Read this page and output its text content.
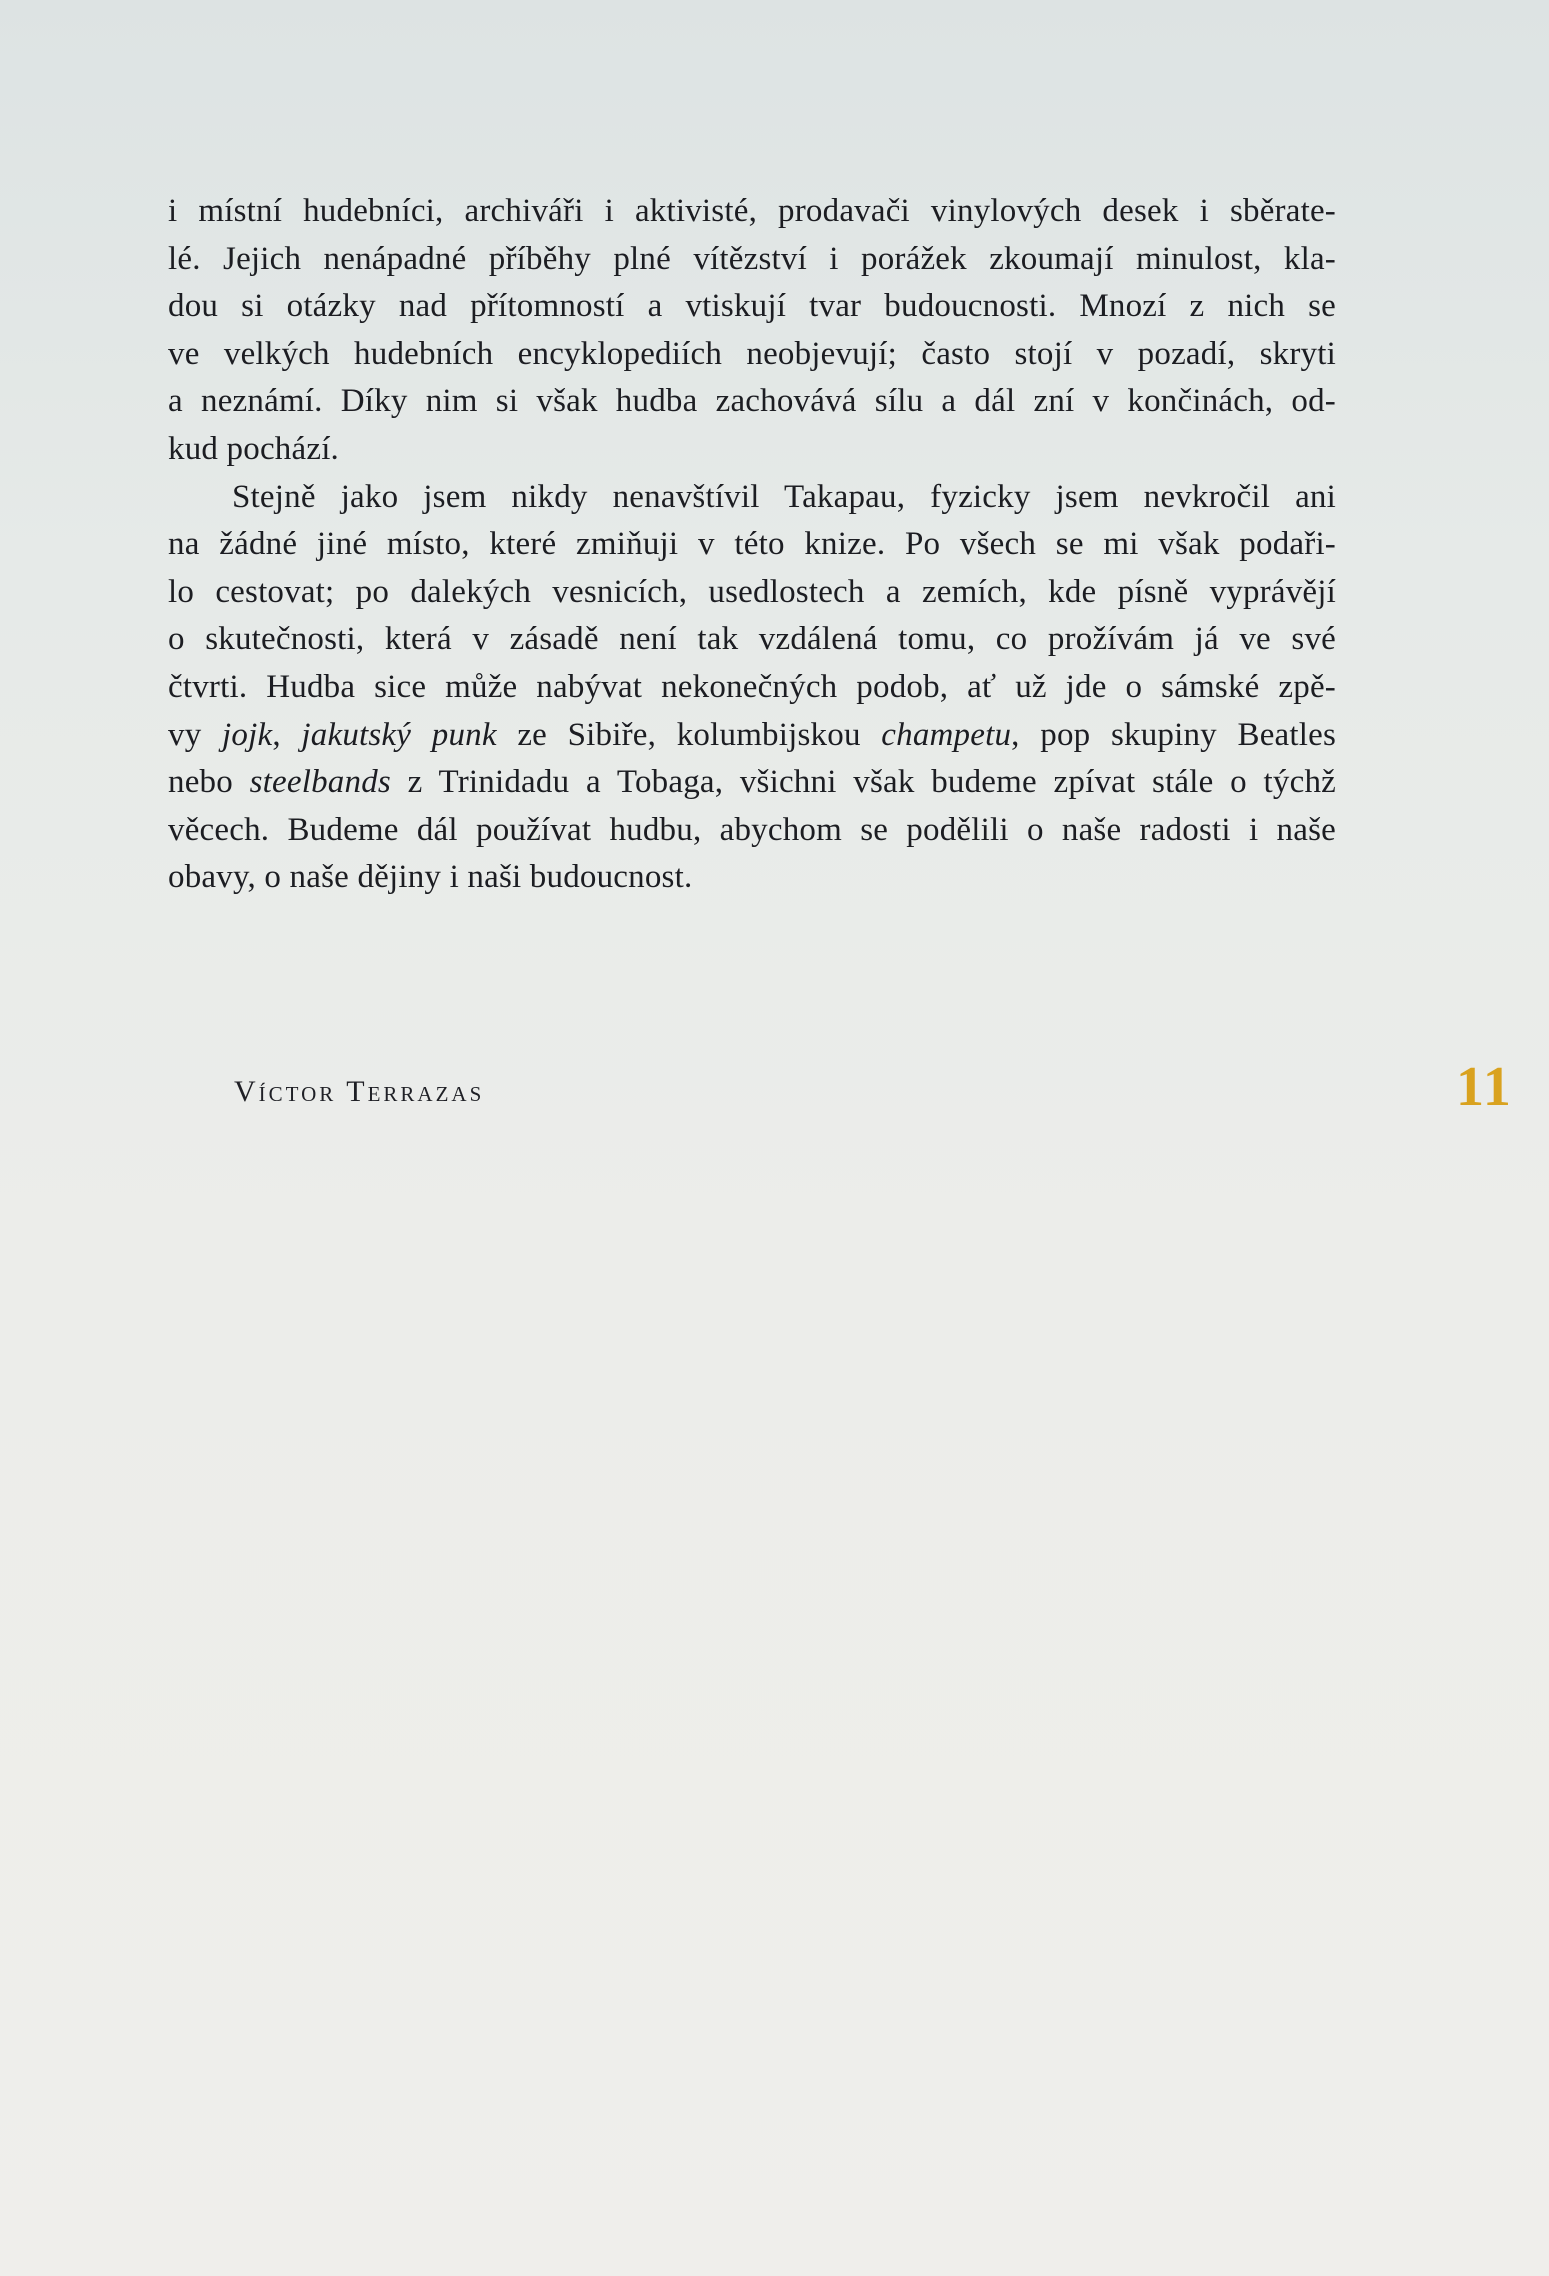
i místní hudebníci, archiváři i aktivisté, prodavači vinylových desek i sběrate-
lé. Jejich nenápadné příběhy plné vítězství i porážek zkoumají minulost, kla-
dou si otázky nad přítomností a vtiskují tvar budoucnosti. Mnozí z nich se
ve velkých hudebních encyklopediích neobjevují; často stojí v pozadí, skryti
a neznámí. Díky nim si však hudba zachovává sílu a dál zní v končinách, od-
kud pochází.
Stejně jako jsem nikdy nenavštívil Takapau, fyzicky jsem nevkročil ani
na žádné jiné místo, které zmiňuji v této knize. Po všech se mi však podaři-
lo cestovat; po dalekých vesnicích, usedlostech a zemích, kde písně vyprávějí
o skutečnosti, která v zásadě není tak vzdálená tomu, co prožívám já ve své
čtvrti. Hudba sice může nabývat nekonečných podob, ať už jde o sámské zpě-
vy jojk, jakutský punk ze Sibiře, kolumbijskou champetu, pop skupiny Beatles
nebo steelbands z Trinidadu a Tobaga, všichni však budeme zpívat stále o týchž
věcech. Budeme dál používat hudbu, abychom se podělili o naše radosti i naše
obavy, o naše dějiny i naši budoucnost.
Víctor Terrazas	11
